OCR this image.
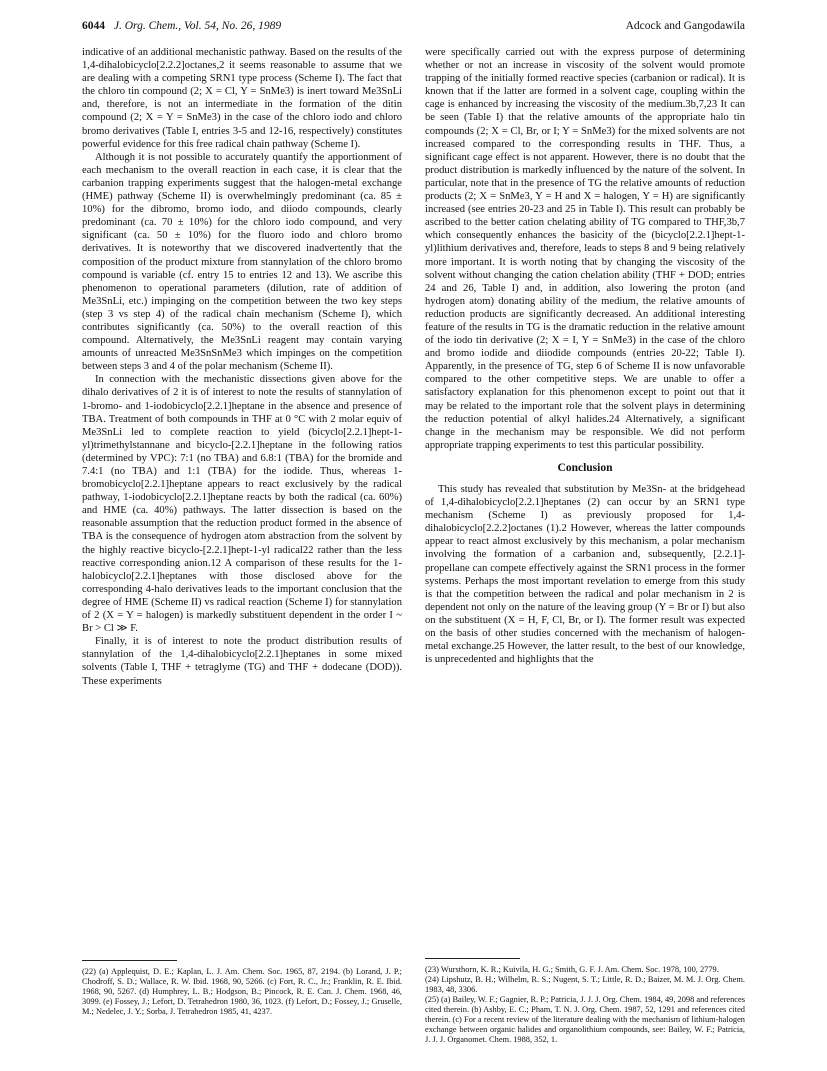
6044 J. Org. Chem., Vol. 54, No. 26, 1989	Adcock and Gangodawila

indicative of an additional mechanistic pathway. Based on the results of the 1,4-dihalobicyclo[2.2.2]octanes,2 it seems reasonable to assume that we are dealing with a competing SRN1 type process (Scheme I). The fact that the chloro tin compound (2; X = Cl, Y = SnMe3) is inert toward Me3SnLi and, therefore, is not an intermediate in the formation of the ditin compound (2; X = Y = SnMe3) in the case of the chloro iodo and chloro bromo derivatives (Table I, entries 3-5 and 12-16, respectively) constitutes powerful evidence for this free radical chain pathway (Scheme I).

Although it is not possible to accurately quantify the apportionment of each mechanism to the overall reaction in each case, it is clear that the carbanion trapping experiments suggest that the halogen-metal exchange (HME) pathway (Scheme II) is overwhelmingly predominant (ca. 85 ± 10%) for the dibromo, bromo iodo, and diiodo compounds, clearly predominant (ca. 70 ± 10%) for the chloro iodo compound, and very significant (ca. 50 ± 10%) for the fluoro iodo and chloro bromo derivatives. It is noteworthy that we discovered inadvertently that the composition of the product mixture from stannylation of the chloro bromo compound is variable (cf. entry 15 to entries 12 and 13). We ascribe this phenomenon to operational parameters (dilution, rate of addition of Me3SnLi, etc.) impinging on the competition between the two key steps (step 3 vs step 4) of the radical chain mechanism (Scheme I), which contributes significantly (ca. 50%) to the overall reaction of this compound. Alternatively, the Me3SnLi reagent may contain varying amounts of unreacted Me3SnSnMe3 which impinges on the competition between steps 3 and 4 of the polar mechanism (Scheme II).

In connection with the mechanistic dissections given above for the dihalo derivatives of 2 it is of interest to note the results of stannylation of 1-bromo- and 1-iodobicyclo[2.2.1]heptane in the absence and presence of TBA. Treatment of both compounds in THF at 0 °C with 2 molar equiv of Me3SnLi led to complete reaction to yield (bicyclo[2.2.1]hept-1-yl)trimethylstannane and bicyclo-[2.2.1]heptane in the following ratios (determined by VPC): 7:1 (no TBA) and 6.8:1 (TBA) for the bromide and 7.4:1 (no TBA) and 1:1 (TBA) for the iodide. Thus, whereas 1-bromobicyclo[2.2.1]heptane appears to react exclusively by the radical pathway, 1-iodobicyclo[2.2.1]heptane reacts by both the radical (ca. 60%) and HME (ca. 40%) pathways. The latter dissection is based on the reasonable assumption that the reduction product formed in the absence of TBA is the consequence of hydrogen atom abstraction from the solvent by the highly reactive bicyclo-[2.2.1]hept-1-yl radical22 rather than the less reactive corresponding anion.12 A comparison of these results for the 1-halobicyclo[2.2.1]heptanes with those disclosed above for the corresponding 4-halo derivatives leads to the important conclusion that the degree of HME (Scheme II) vs radical reaction (Scheme I) for stannylation of 2 (X = Y = halogen) is markedly substituent dependent in the order I ~ Br > Cl ≫ F.

Finally, it is of interest to note the product distribution results of stannylation of the 1,4-dihalobicyclo[2.2.1]heptanes in some mixed solvents (Table I, THF + tetraglyme (TG) and THF + dodecane (DOD)). These experiments

(22) (a) Applequist, D. E.; Kaplan, L. J. Am. Chem. Soc. 1965, 87, 2194. (b) Lorand, J. P.; Chodroff, S. D.; Wallace, R. W. Ibid. 1968, 90, 5266. (c) Fort, R. C., Jr.; Franklin, R. E. Ibid. 1968, 90, 5267. (d) Humphrey, L. B.; Hodgson, B.; Pincock, R. E. Can. J. Chem. 1968, 46, 3099. (e) Fossey, J.; Lefort, D. Tetrahedron 1980, 36, 1023. (f) Lefort, D.; Fossey, J.; Gruselle, M.; Nedelec, J. Y.; Sorba, J. Tetrahedron 1985, 41, 4237.

were specifically carried out with the express purpose of determining whether or not an increase in viscosity of the solvent would promote trapping of the initially formed reactive species (carbanion or radical). It is known that if the latter are formed in a solvent cage, coupling within the cage is enhanced by increasing the viscosity of the medium.3b,7,23 It can be seen (Table I) that the relative amounts of the appropriate halo tin compounds (2; X = Cl, Br, or I; Y = SnMe3) for the mixed solvents are not increased compared to the corresponding results in THF. Thus, a significant cage effect is not apparent. However, there is no doubt that the product distribution is markedly influenced by the nature of the solvent. In particular, note that in the presence of TG the relative amounts of reduction products (2; X = SnMe3, Y = H and X = halogen, Y = H) are significantly increased (see entries 20-23 and 25 in Table I). This result can probably be ascribed to the better cation chelating ability of TG compared to THF,3b,7 which consequently enhances the basicity of the (bicyclo[2.2.1]hept-1-yl)lithium derivatives and, therefore, leads to steps 8 and 9 being relatively more important. It is worth noting that by changing the viscosity of the solvent without changing the cation chelation ability (THF + DOD; entries 24 and 26, Table I) and, in addition, also lowering the proton (and hydrogen atom) donating ability of the medium, the relative amounts of reduction products are significantly decreased. An additional interesting feature of the results in TG is the dramatic reduction in the relative amount of the iodo tin derivative (2; X = I, Y = SnMe3) in the case of the chloro and bromo iodide and diiodide compounds (entries 20-22; Table I). Apparently, in the presence of TG, step 6 of Scheme II is now unfavorable compared to the other competitive steps. We are unable to offer a satisfactory explanation for this phenomenon except to point out that it may be related to the important role that the solvent plays in determining the reduction potential of alkyl halides.24 Alternatively, a significant change in the mechanism may be responsible. We did not perform appropriate trapping experiments to test this particular possibility.

Conclusion

This study has revealed that substitution by Me3Sn- at the bridgehead of 1,4-dihalobicyclo[2.2.1]heptanes (2) can occur by an SRN1 type mechanism (Scheme I) as previously proposed for 1,4-dihalobicyclo[2.2.2]octanes (1).2 However, whereas the latter compounds appear to react almost exclusively by this mechanism, a polar mechanism involving the formation of a carbanion and, subsequently, [2.2.1]-propellane can compete effectively against the SRN1 process in the former systems. Perhaps the most important revelation to emerge from this study is that the competition between the radical and polar mechanism in 2 is dependent not only on the nature of the leaving group (Y = Br or I) but also on the substituent (X = H, F, Cl, Br, or I). The former result was expected on the basis of other studies concerned with the mechanism of halogen-metal exchange.25 However, the latter result, to the best of our knowledge, is unprecedented and highlights that the

(23) Wursthorn, K. R.; Kuivila, H. G.; Smith, G. F. J. Am. Chem. Soc. 1978, 100, 2779.

(24) Lipshutz, B. H.; Wilhelm, R. S.; Nugent, S. T.; Little, R. D.; Baizer, M. M. J. Org. Chem. 1983, 48, 3306.

(25) (a) Bailey, W. F.; Gagnier, R. P.; Patricia, J. J. J. Org. Chem. 1984, 49, 2098 and references cited therein. (b) Ashby, E. C.; Pham, T. N. J. Org. Chem. 1987, 52, 1291 and references cited therein. (c) For a recent review of the literature dealing with the mechanism of lithium-halogen exchange between organic halides and organolithium compounds, see: Bailey, W. F.; Patricia, J. J. J. Organomet. Chem. 1988, 352, 1.
